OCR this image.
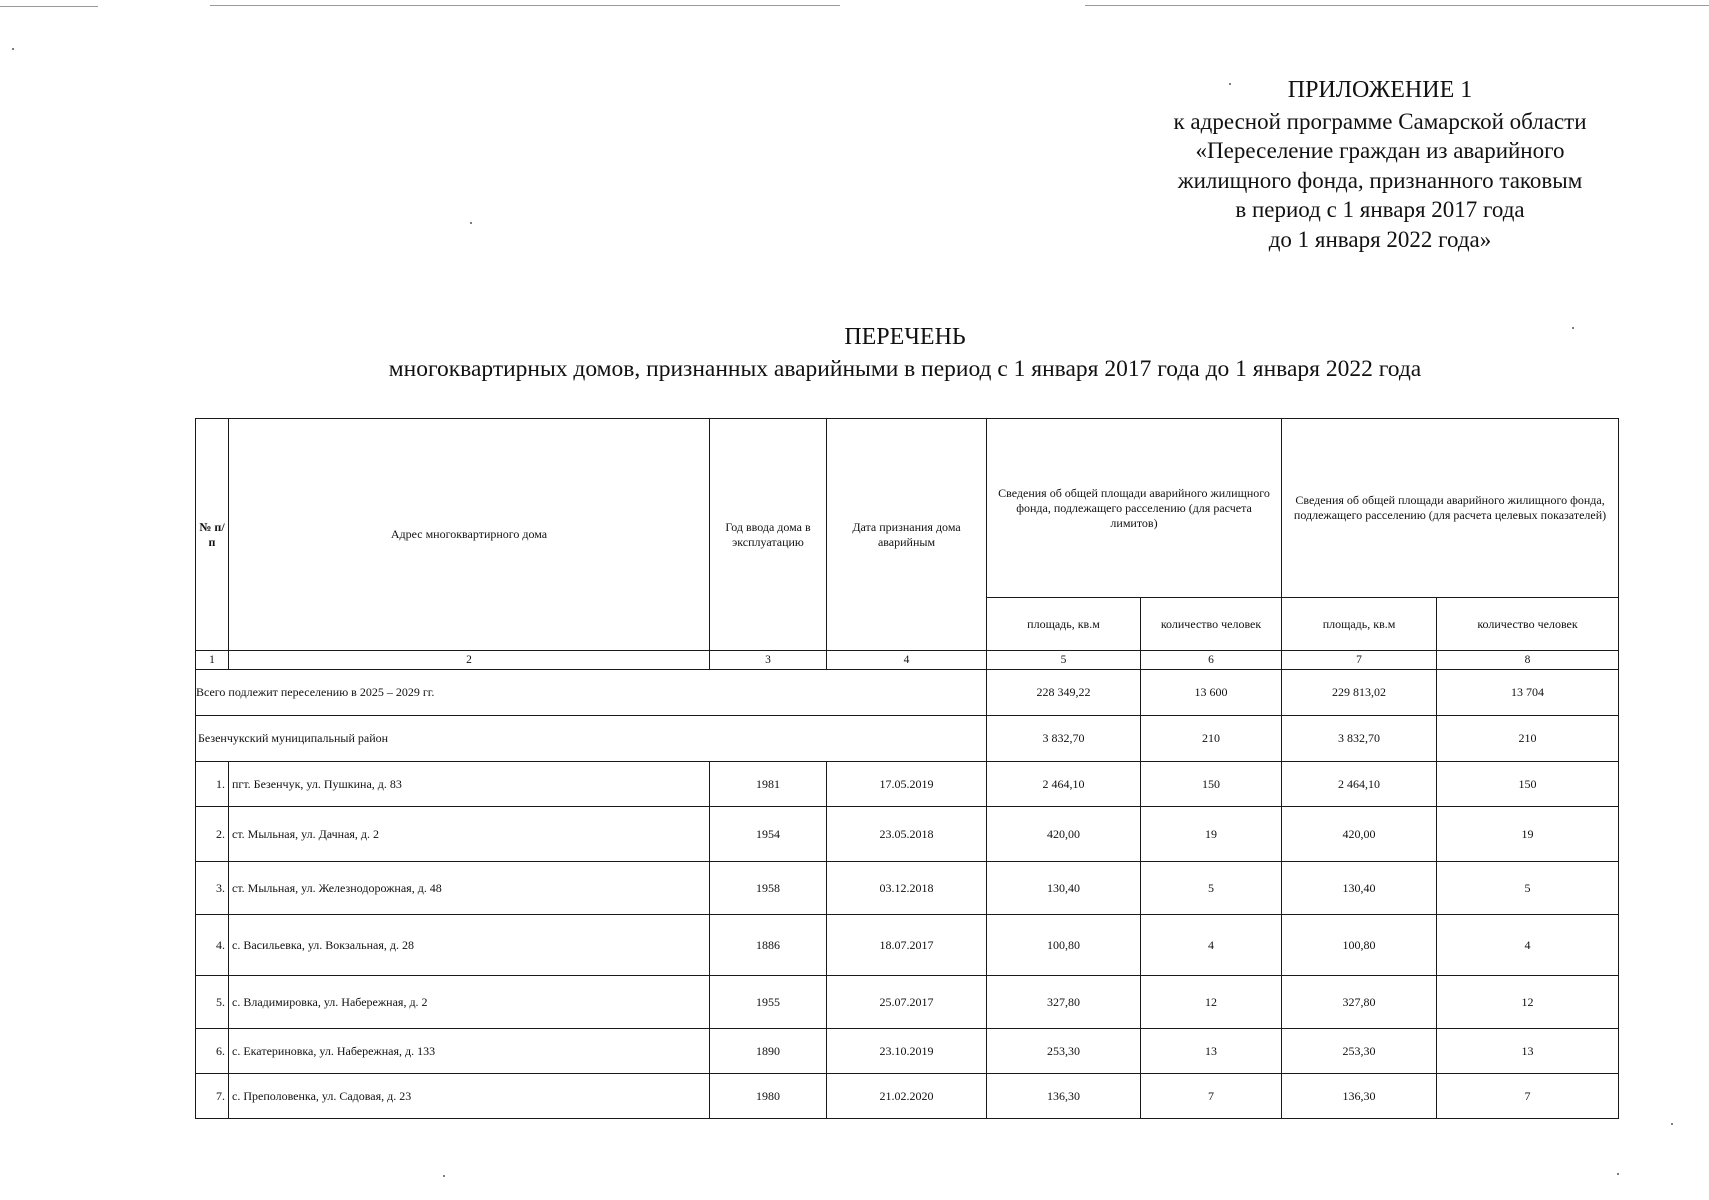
ПРИЛОЖЕНИЕ 1
к адресной программе Самарской области
«Переселение граждан из аварийного
жилищного фонда, признанного таковым
в период с 1 января 2017 года
до 1 января 2022 года»
ПЕРЕЧЕНЬ
многоквартирных домов, признанных аварийными в период с 1 января 2017 года до 1 января 2022 года
№ п/п	Адрес многоквартирного дома	Год ввода дома в эксплуатацию	Дата признания дома аварийным	Сведения об общей площади аварийного жилищного фонда, подлежащего расселению (для расчета лимитов)		Сведения об общей площади аварийного жилищного фонда, подлежащего расселению (для расчета целевых показателей)	
				площадь, кв.м	количество человек	площадь, кв.м	количество человек
1	2	3	4	5	6	7	8
Всего подлежит переселению в 2025 – 2029 гг.				228 349,22	13 600	229 813,02	13 704
Безенчукский муниципальный район				3 832,70	210	3 832,70	210
1.	пгт. Безенчук, ул. Пушкина, д. 83	1981	17.05.2019	2 464,10	150	2 464,10	150
2.	ст. Мыльная, ул. Дачная, д. 2	1954	23.05.2018	420,00	19	420,00	19
3.	ст. Мыльная, ул. Железнодорожная, д. 48	1958	03.12.2018	130,40	5	130,40	5
4.	с. Васильевка, ул. Вокзальная, д. 28	1886	18.07.2017	100,80	4	100,80	4
5.	с. Владимировка, ул. Набережная, д. 2	1955	25.07.2017	327,80	12	327,80	12
6.	с. Екатериновка, ул. Набережная, д. 133	1890	23.10.2019	253,30	13	253,30	13
7.	с. Преполовенка, ул. Садовая, д. 23	1980	21.02.2020	136,30	7	136,30	7
